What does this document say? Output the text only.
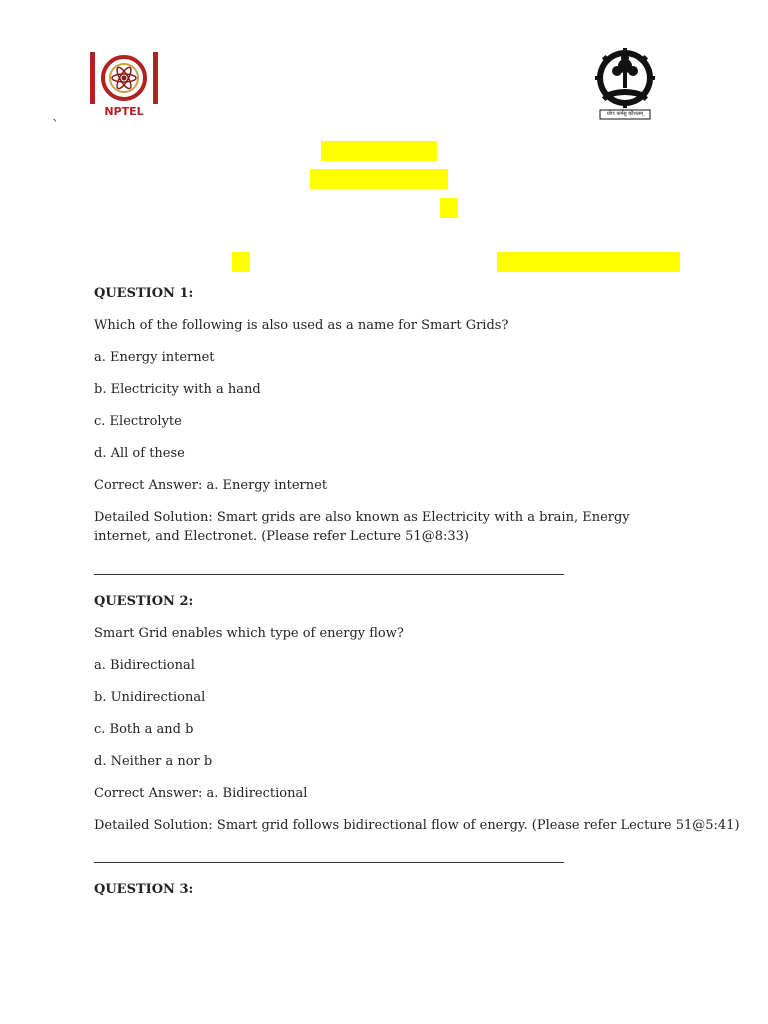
NPTEL
`
योगः कर्मसु कौशलम्
QUESTION 1:
Which of the following is also used as a name for Smart Grids?
a. Energy internet
b. Electricity with a hand
c. Electrolyte
d. All of these
Correct Answer: a. Energy internet
Detailed Solution: Smart grids are also known as Electricity with a brain, Energy internet, and Electronet. (Please refer Lecture 51@8:33)
QUESTION 2:
Smart Grid enables which type of energy flow?
a. Bidirectional
b. Unidirectional
c. Both a and b
d. Neither a nor b
Correct Answer: a. Bidirectional
Detailed Solution: Smart grid follows bidirectional flow of energy. (Please refer Lecture 51@5:41)
QUESTION 3:
